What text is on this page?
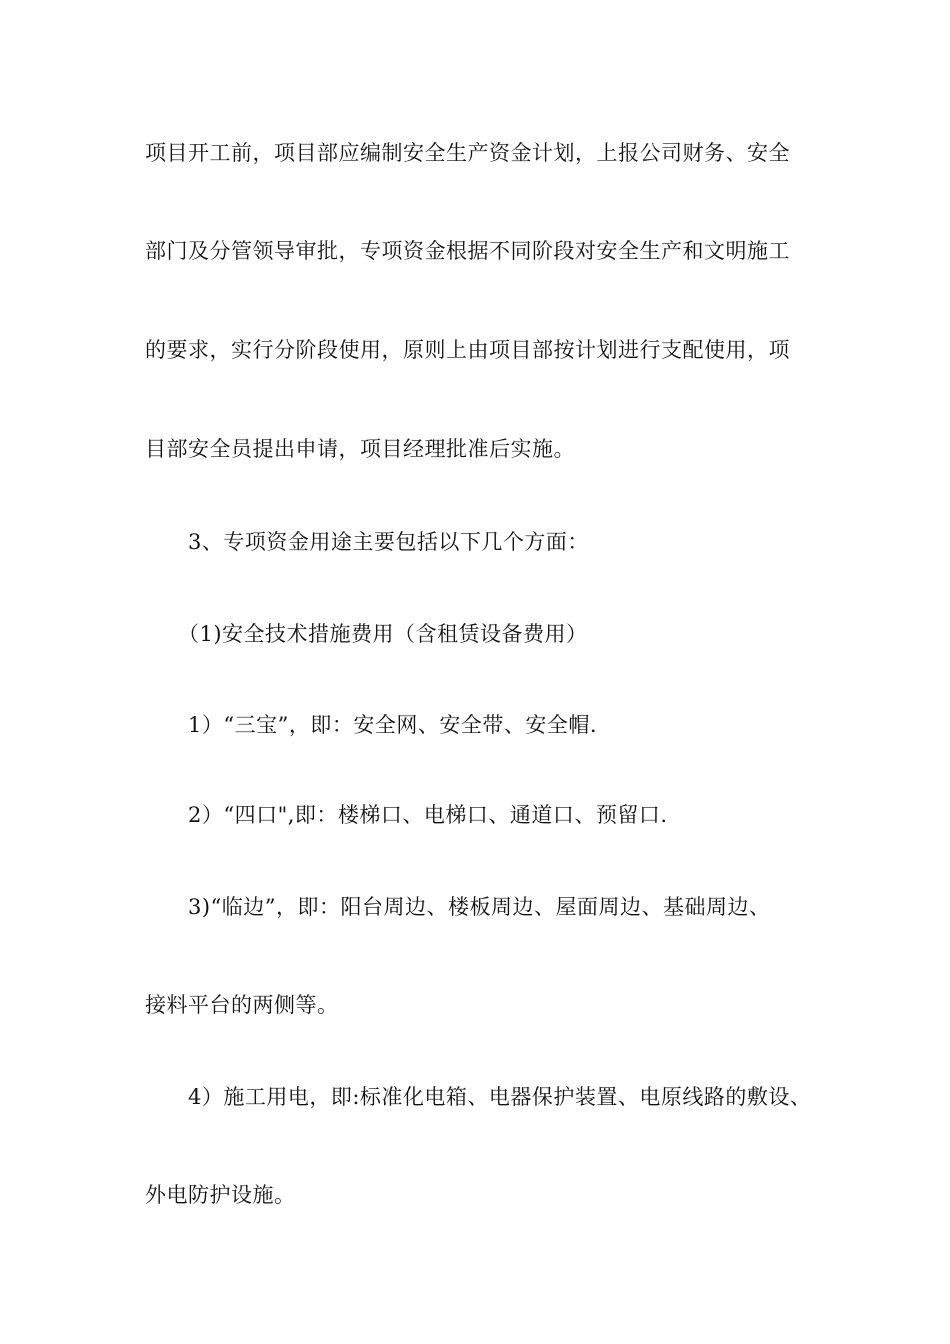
项目开工前，项目部应编制安全生产资金计划，上报公司财务、安全
部门及分管领导审批，专项资金根据不同阶段对安全生产和文明施工
的要求，实行分阶段使用，原则上由项目部按计划进行支配使用，项
目部安全员提出申请，项目经理批准后实施。
3、专项资金用途主要包括以下几个方面：
（1)安全技术措施费用（含租赁设备费用）
1）“三宝”，即：安全网、安全带、安全帽.
2）“四口",即：楼梯口、电梯口、通道口、预留口.
3)“临边”，即：阳台周边、楼板周边、屋面周边、基础周边、
接料平台的两侧等。
4）施工用电，即:标准化电箱、电器保护装置、电原线路的敷设、
外电防护设施。
